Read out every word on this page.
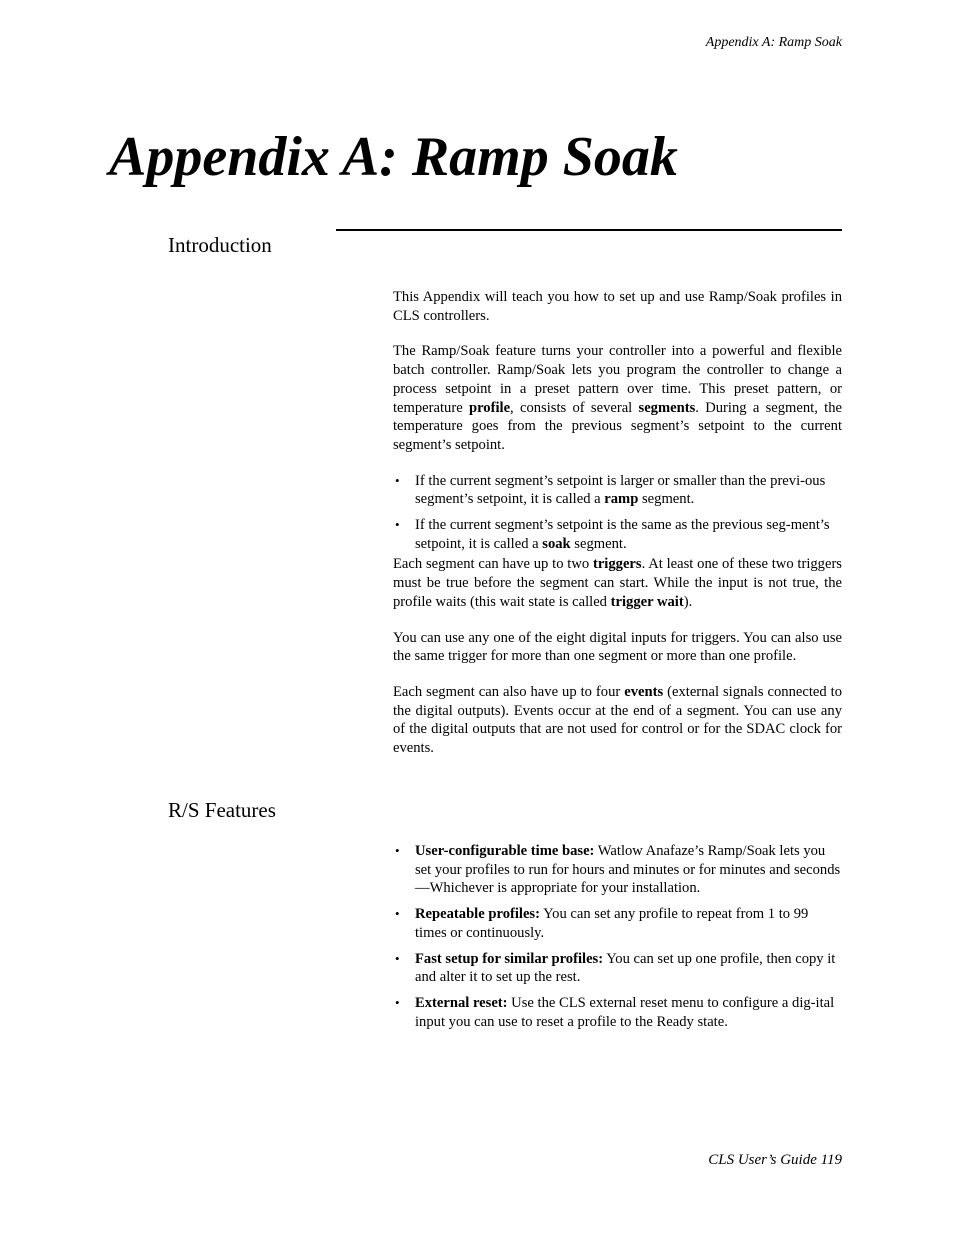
Appendix A: Ramp Soak
Appendix A: Ramp Soak
Introduction

This Appendix will teach you how to set up and use Ramp/Soak profiles in CLS controllers.

The Ramp/Soak feature turns your controller into a powerful and flexible batch controller. Ramp/Soak lets you program the controller to change a process setpoint in a preset pattern over time. This preset pattern, or temperature profile, consists of several segments. During a segment, the temperature goes from the previous segment’s setpoint to the current segment’s setpoint.

• If the current segment’s setpoint is larger or smaller than the previ-ous segment’s setpoint, it is called a ramp segment.
• If the current segment’s setpoint is the same as the previous seg-ment’s setpoint, it is called a soak segment.

Each segment can have up to two triggers. At least one of these two triggers must be true before the segment can start. While the input is not true, the profile waits (this wait state is called trigger wait).

You can use any one of the eight digital inputs for triggers. You can also use the same trigger for more than one segment or more than one profile.

Each segment can also have up to four events (external signals connected to the digital outputs). Events occur at the end of a segment. You can use any of the digital outputs that are not used for control or for the SDAC clock for events.

R/S Features
• User-configurable time base: Watlow Anafaze’s Ramp/Soak lets you set your profiles to run for hours and minutes or for minutes and seconds—Whichever is appropriate for your installation.
• Repeatable profiles: You can set any profile to repeat from 1 to 99 times or continuously.
• Fast setup for similar profiles: You can set up one profile, then copy it and alter it to set up the rest.
• External reset: Use the CLS external reset menu to configure a dig-ital input you can use to reset a profile to the Ready state.
CLS User’s Guide 119
